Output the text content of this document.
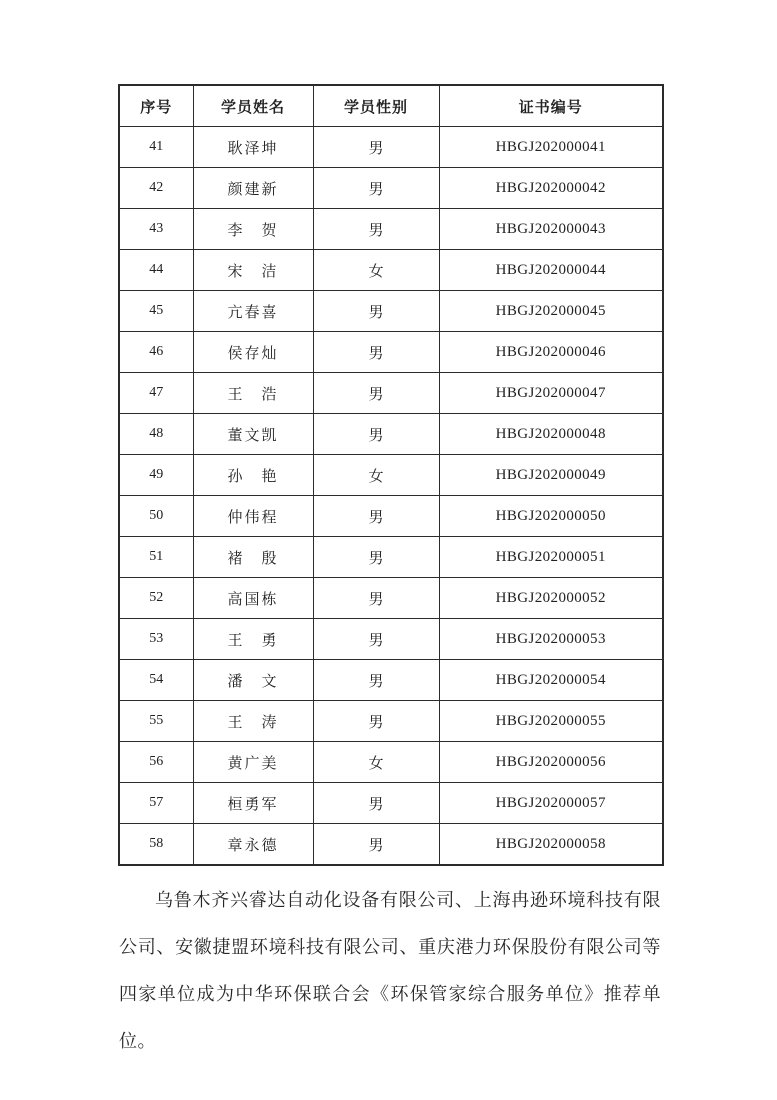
序号	学员姓名	学员性别	证书编号
41	耿泽坤	男	HBGJ202000041
42	颜建新	男	HBGJ202000042
43	李　贺	男	HBGJ202000043
44	宋　洁	女	HBGJ202000044
45	亢春喜	男	HBGJ202000045
46	侯存灿	男	HBGJ202000046
47	王　浩	男	HBGJ202000047
48	董文凯	男	HBGJ202000048
49	孙　艳	女	HBGJ202000049
50	仲伟程	男	HBGJ202000050
51	褚　殷	男	HBGJ202000051
52	高国栋	男	HBGJ202000052
53	王　勇	男	HBGJ202000053
54	潘　文	男	HBGJ202000054
55	王　涛	男	HBGJ202000055
56	黄广美	女	HBGJ202000056
57	桓勇军	男	HBGJ202000057
58	章永德	男	HBGJ202000058

乌鲁木齐兴睿达自动化设备有限公司、上海冉逊环境科技有限公司、安徽捷盟环境科技有限公司、重庆港力环保股份有限公司等四家单位成为中华环保联合会《环保管家综合服务单位》推荐单位。
